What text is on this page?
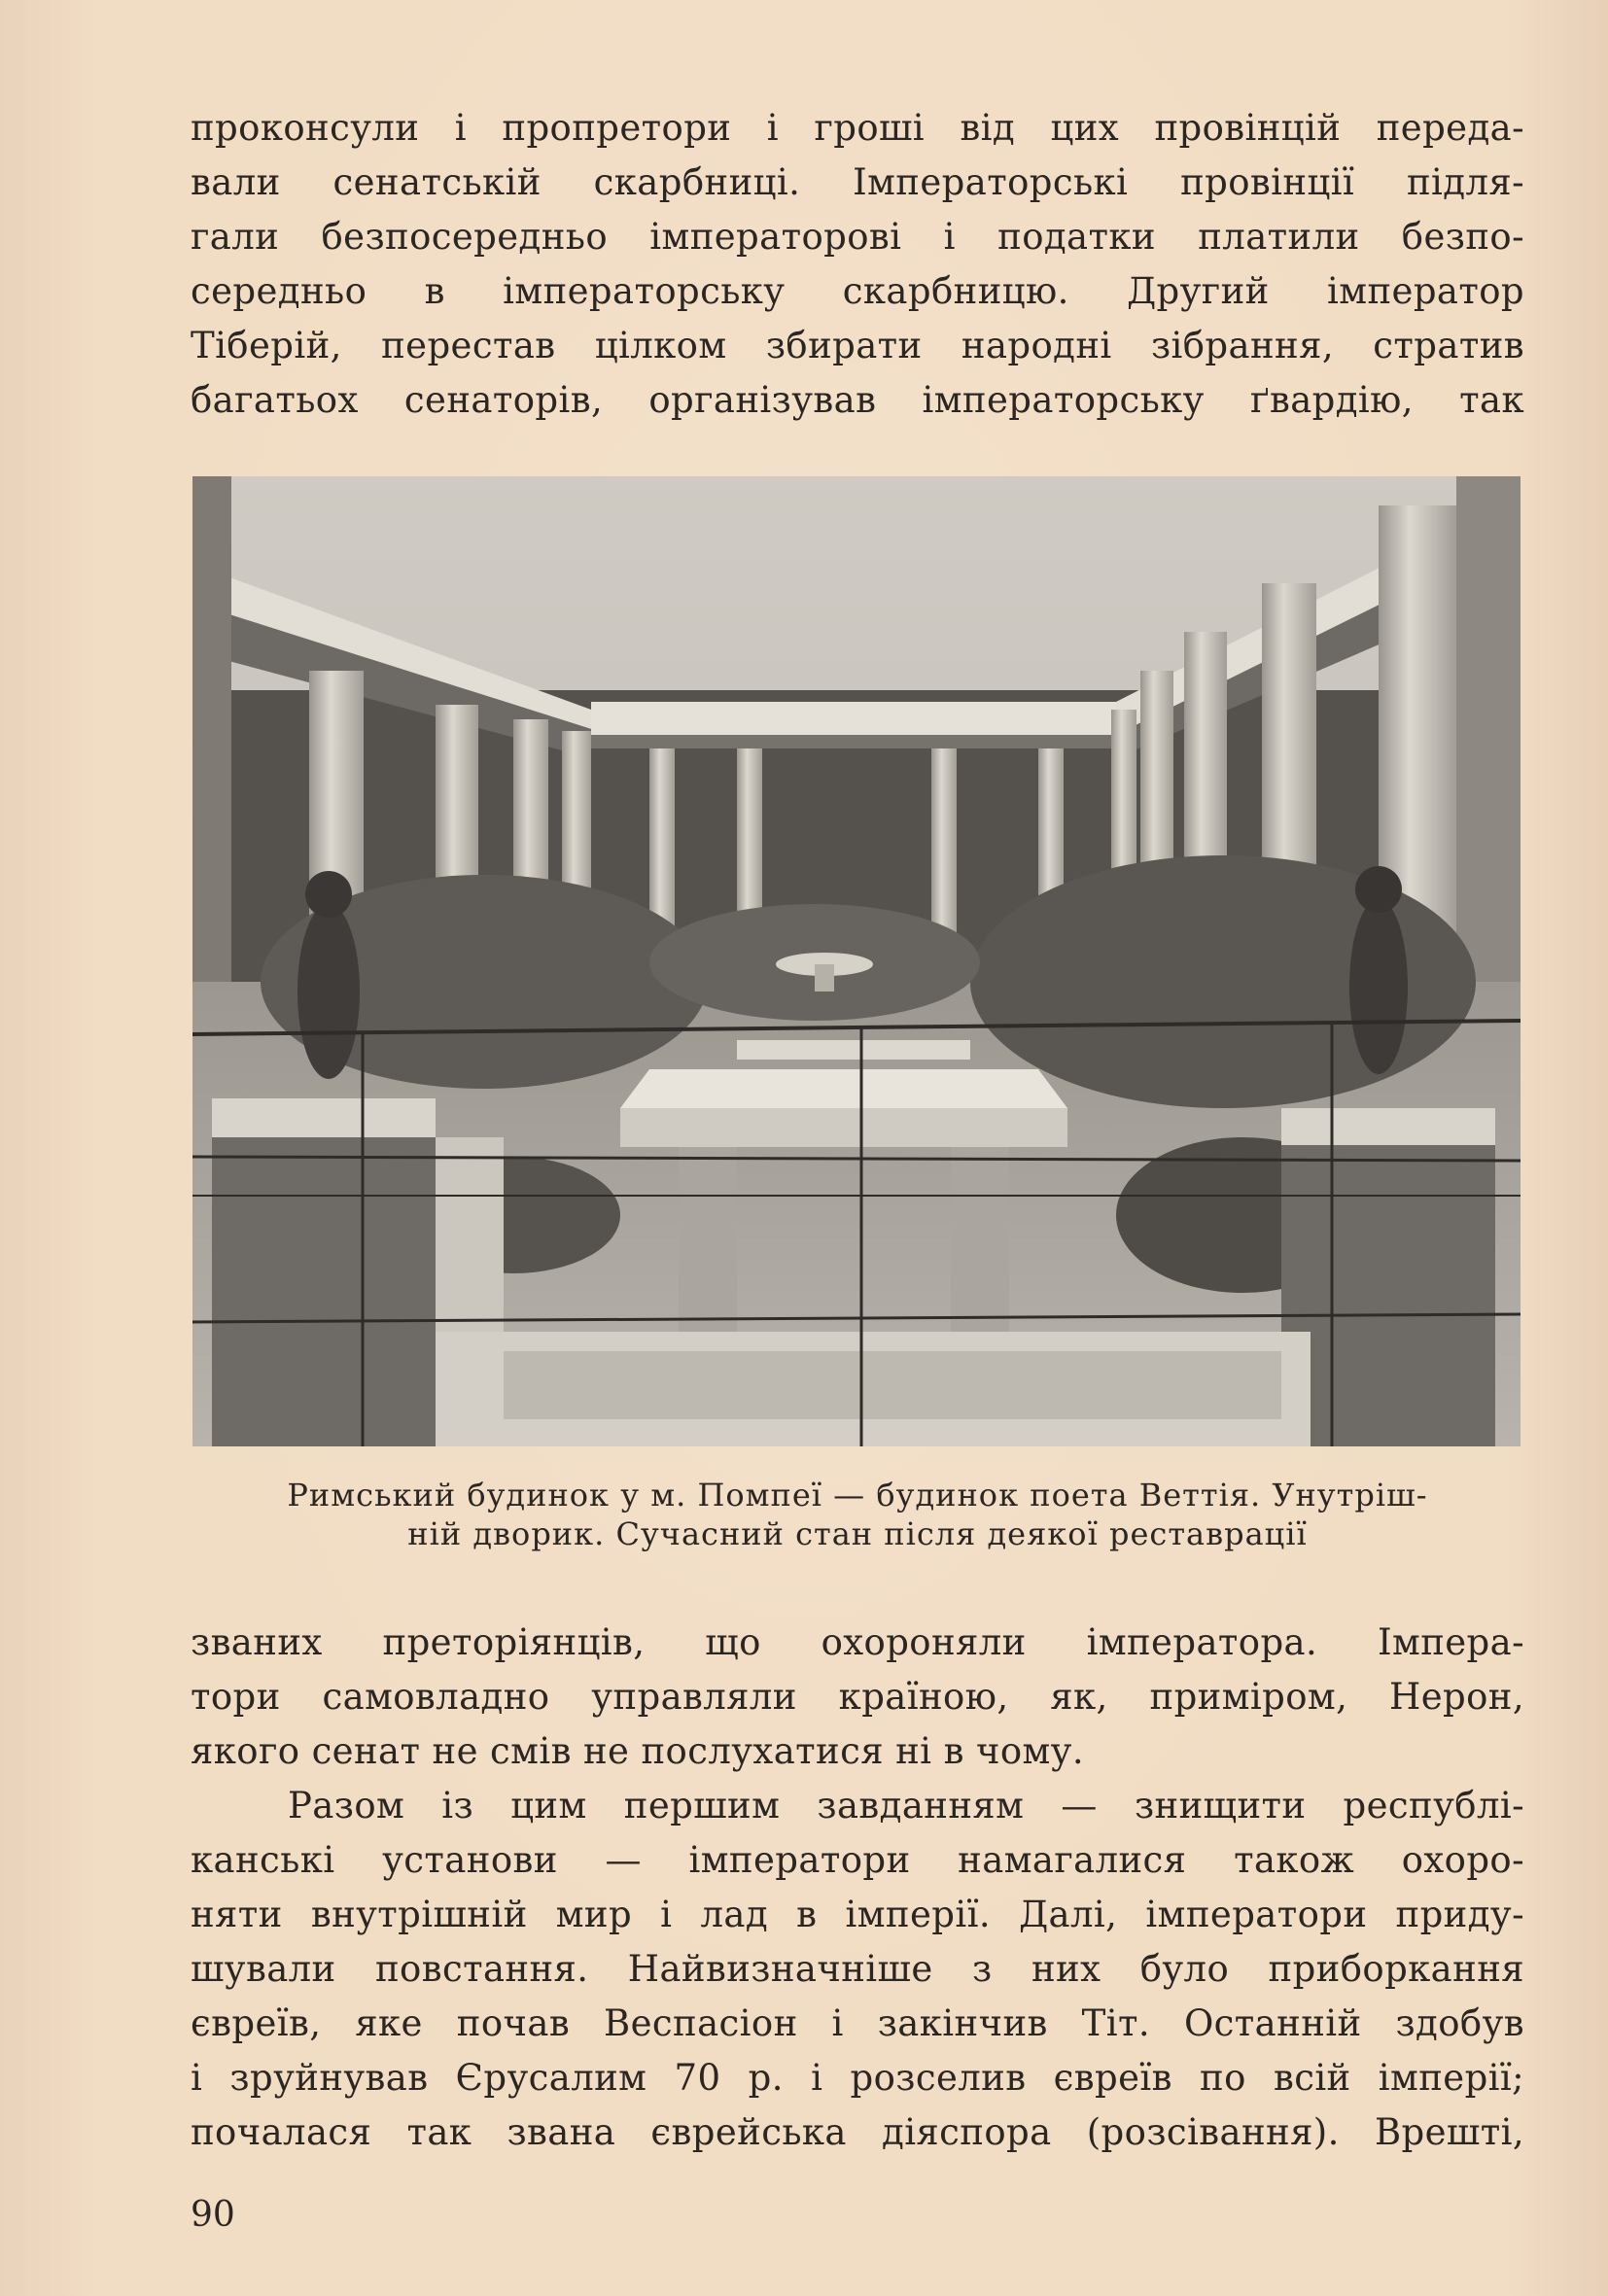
проконсули і пропретори і гроші від цих провінцій переда-
вали сенатській скарбниці. Імператорські провінції підля-
гали безпосередньо імператорові і податки платили безпо-
середньо в імператорську скарбницю. Другий імператор
Тіберій, перестав цілком збирати народні зібрання, стратив
багатьох сенаторів, організував імператорську ґвардію, так
Римський будинок у м. Помпеї — будинок поета Веттія. Унутріш-
ній дворик. Сучасний стан після деякої реставрації
званих преторіянців, що охороняли імператора. Імпера-
тори самовладно управляли країною, як, приміром, Нерон,
якого сенат не смів не послухатися ні в чому.
Разом із цим першим завданням — знищити республі-
канські установи — імператори намагалися також охоро-
няти внутрішній мир і лад в імперії. Далі, імператори приду-
шували повстання. Найвизначніше з них було приборкання
євреїв, яке почав Веспасіон і закінчив Тіт. Останній здобув
і зруйнував Єрусалим 70 р. і розселив євреїв по всій імперії;
почалася так звана єврейська діяспора (розсівання). Врешті,
90
